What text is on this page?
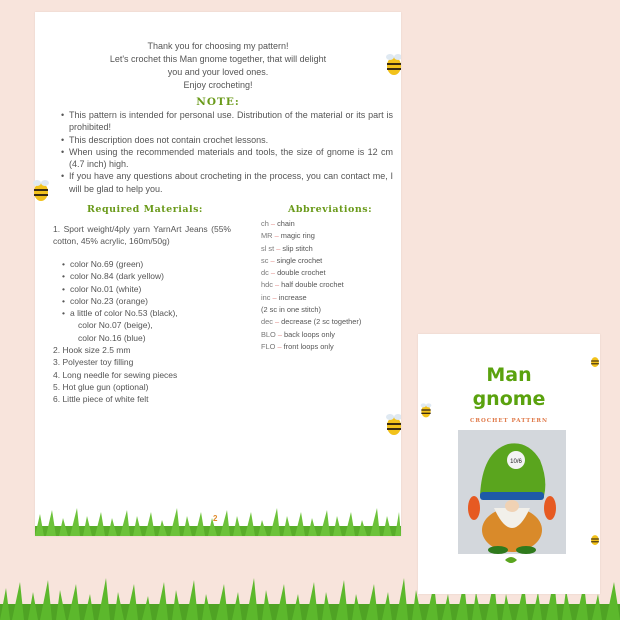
Thank you for choosing my pattern!
Let's crochet this Man gnome together, that will delight
you and your loved ones.
Enjoy crocheting!
NOTE:
• This pattern is intended for personal use. Distribution of the material or its part is prohibited!
• This description does not contain crochet lessons.
• When using the recommended materials and tools, the size of gnome is 12 cm (4.7 inch) high.
• If you have any questions about crocheting in the process, you can contact me, I will be glad to help you.
Required Materials:	Abbreviations:
1. Sport weight/4ply yarn YarnArt Jeans (55% cotton, 45% acrylic, 160m/50g)
• color No.69 (green)
• color No.84 (dark yellow)
• color No.01 (white)
• color No.23 (orange)
• a little of color No.53 (black),
color No.07 (beige),
color No.16 (blue)
2. Hook size 2.5 mm
3. Polyester toy filling
4. Long needle for sewing pieces
5. Hot glue gun (optional)
6. Little piece of white felt
ch – chain
MR – magic ring
sl st – slip stitch
sc – single crochet
dc – double crochet
hdc – half double crochet
inc – increase
(2 sc in one stitch)
dec – decrease (2 sc together)
BLO – back loops only
FLO – front loops only
2
Man
gnome
CROCHET PATTERN
10/6
